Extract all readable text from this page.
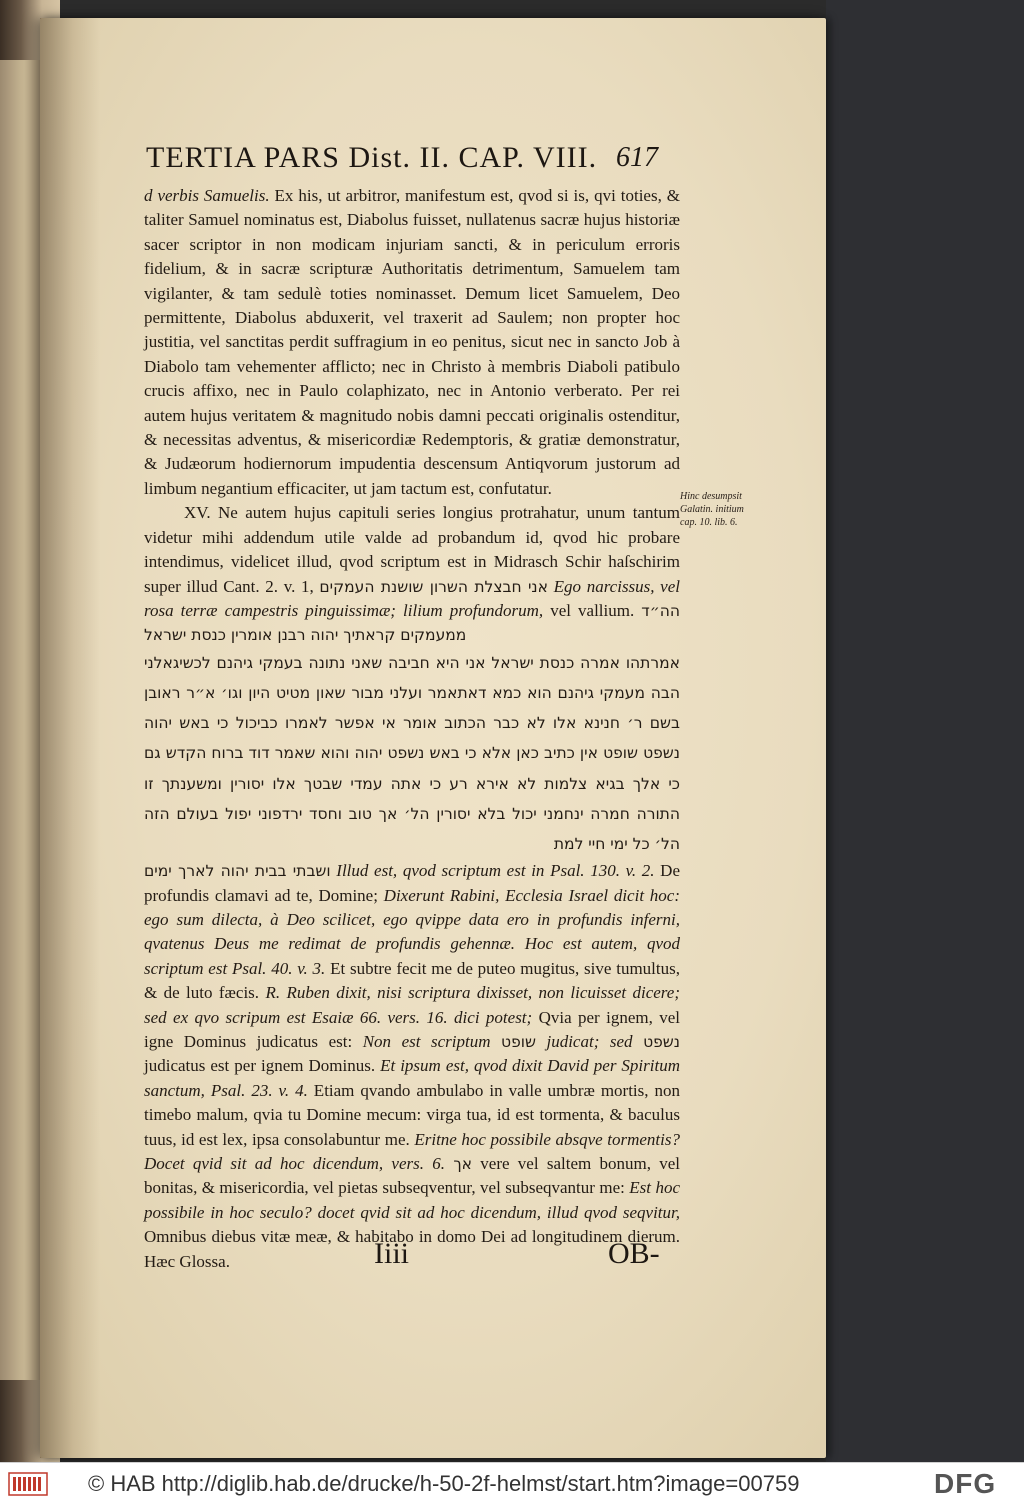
TERTIA PARS Dist. II. CAP. VIII. 617

d verbis Samuelis. Ex his, ut arbitror, manifestum est, qvod si is, qvi toties, & taliter Samuel nominatus est, Diabolus fuisset, nullatenus sacræ hujus historiæ sacer scriptor in non modicam injuriam sancti, & in periculum erroris fidelium, & in sacræ scripturæ Authoritatis detrimentum, Samuelem tam vigilanter, & tam sedulè toties nominasset. Demum licet Samuelem, Deo permittente, Diabolus abduxerit, vel traxerit ad Saulem; non propter hoc justitia, vel sanctitas perdit suffragium in eo penitus, sicut nec in sancto Job à Diabolo tam vehementer afflicto; nec in Christo à membris Diaboli patibulo crucis affixo, nec in Paulo colaphizato, nec in Antonio verberato. Per rei autem hujus veritatem & magnitudo nobis damni peccati originalis ostenditur, & necessitas adventus, & misericordiæ Redemptoris, & gratiæ demonstratur, & Judæorum hodiernorum impudentia descensum Antiqvorum justorum ad limbum negantium efficaciter, ut jam tactum est, confutatur.

XV. Ne autem hujus capituli series longius protrahatur, unum tantum videtur mihi addendum utile valde ad probandum id, qvod hic probare intendimus, videlicet illud, qvod scriptum est in Midrasch Schir haſschirim super illud Cant. 2. v. 1, אני חבצלת השרון שושנת העמקים Ego narcissus, vel rosa terræ campestris pinguissimæ; lilium profundorum, vel vallium. הה״ד ממעמקים קראתיך יהוה רבנן אומרין כנסת ישראל

אמרתהו אמרה כנסת ישראל אני היא חביבה שאני נתונה בעמקי גיהנם לכשיגאלני הבה מעמקי גיהנם הוא כמא דאתאמר ועלני מבור שאון מטיט היון וגו׳ א״ר ראובן בשם ר׳ חנינא אלו לא כבר הכתוב אומר אי אפשר לאמרו כביכול כי באש יהוה נשפט שופט אין כתיב כאן אלא כי באש נשפט יהוה והוא שאמר דוד ברוח הקדש גם כי אלך בגיא צלמות לא אירא רע כי אתה עמדי שבטך אלו יסורין ומשענתך זו התורה חמרה ינחמני יכול בלא יסורין הל׳ אך טוב וחסד ירדפוני יפול בעולם הזה הל׳ כל ימי חיי למת

ושבתי בבית יהוה לארך ימים Illud est, qvod scriptum est in Psal. 130. v. 2. De profundis clamavi ad te, Domine; Dixerunt Rabini, Ecclesia Israel dicit hoc: ego sum dilecta, à Deo scilicet, ego qvippe data ero in profundis inferni, qvatenus Deus me redimat de profundis gehennæ. Hoc est autem, qvod scriptum est Psal. 40. v. 3. Et subtre fecit me de puteo mugitus, sive tumultus, & de luto fæcis. R. Ruben dixit, nisi scriptura dixisset, non licuisset dicere; sed ex qvo scripum est Esaiæ 66. vers. 16. dici potest; Qvia per ignem, vel igne Dominus judicatus est: Non est scriptum שופט judicat; sed נשפט judicatus est per ignem Dominus. Et ipsum est, qvod dixit David per Spiritum sanctum, Psal. 23. v. 4. Etiam qvando ambulabo in valle umbræ mortis, non timebo malum, qvia tu Domine mecum: virga tua, id est tormenta, & baculus tuus, id est lex, ipsa consolabuntur me. Eritne hoc possibile absqve tormentis? Docet qvid sit ad hoc dicendum, vers. 6. אך vere vel saltem bonum, vel bonitas, & misericordia, vel pietas subseqventur, vel subseqvantur me: Est hoc possibile in hoc seculo? docet qvid sit ad hoc dicendum, illud qvod seqvitur, Omnibus diebus vitæ meæ, & habitabo in domo Dei ad longitudinem dierum. Hæc Glossa.

Hinc desumpsit Galatin. initium cap. 10. lib. 6.
Iiii	OB-
© HAB http://diglib.hab.de/drucke/h-50-2f-helmst/start.htm?image=00759	DFG
